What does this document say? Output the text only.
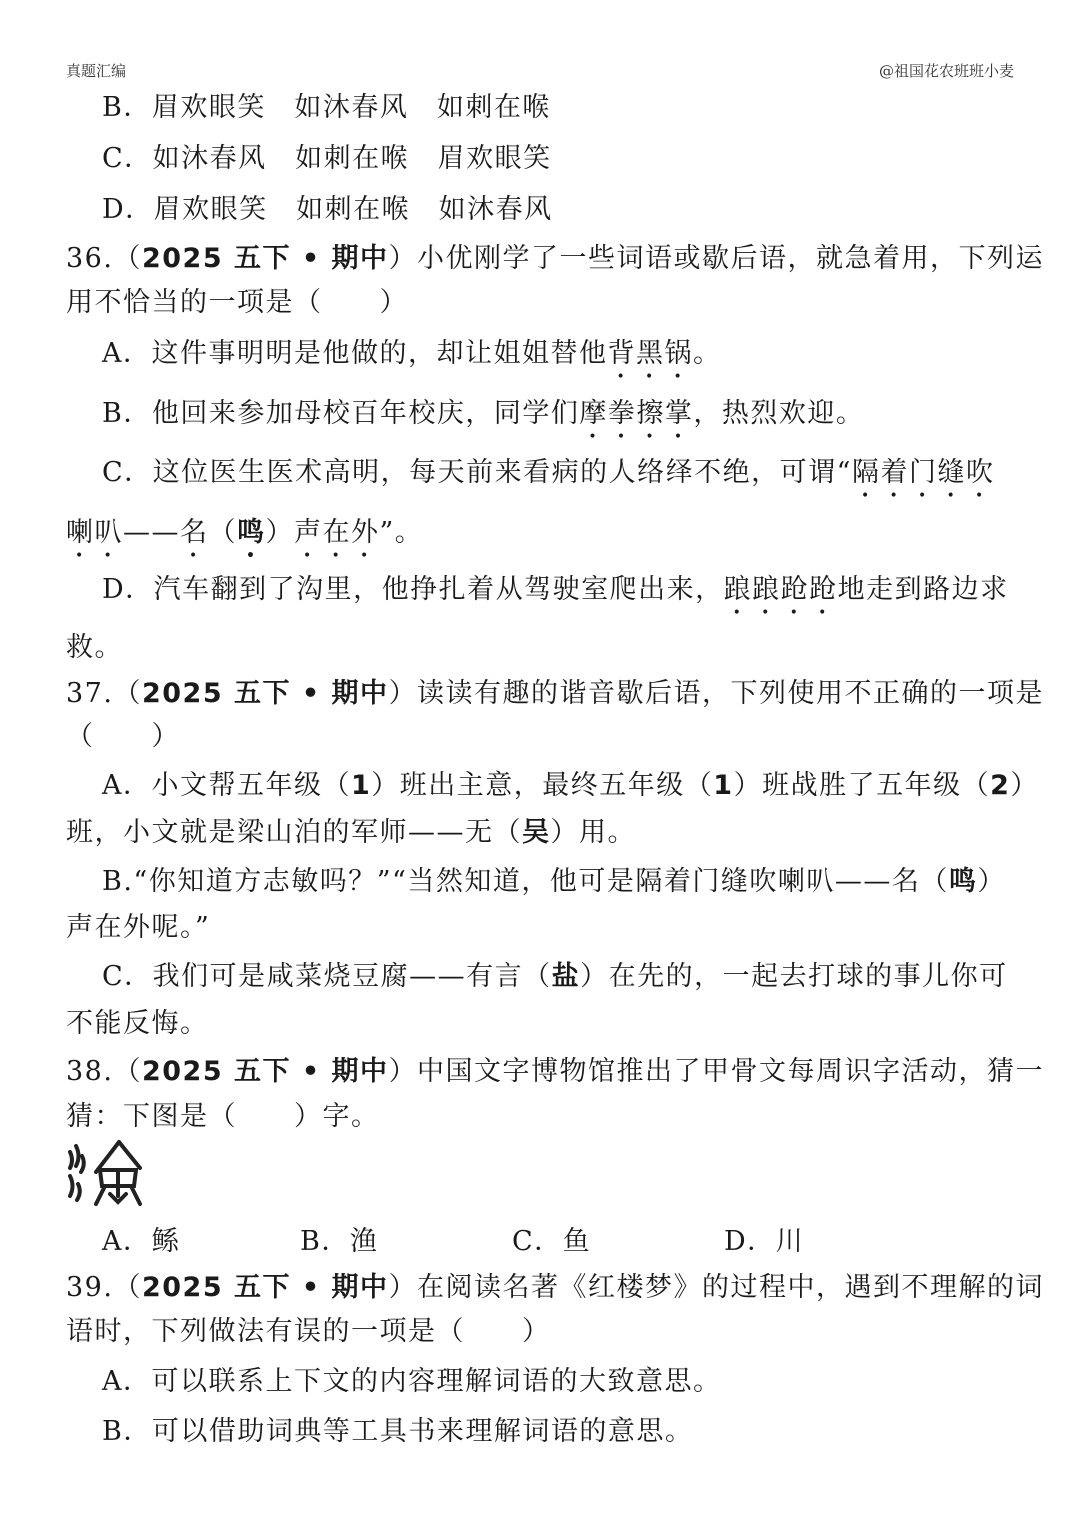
真题汇编	@祖国花农班班小麦
B．眉欢眼笑　如沐春风　如刺在喉
C．如沐春风　如刺在喉　眉欢眼笑
D．眉欢眼笑　如刺在喉　如沐春风
36.（2025 五下 • 期中）小优刚学了一些词语或歇后语，就急着用，下列运
用不恰当的一项是（　　）
A．这件事明明是他做的，却让姐姐替他背黑锅。
B．他回来参加母校百年校庆，同学们摩拳擦掌，热烈欢迎。
C．这位医生医术高明，每天前来看病的人络绎不绝，可谓“隔着门缝吹
喇叭——名（鸣）声在外”。
D．汽车翻到了沟里，他挣扎着从驾驶室爬出来，踉踉跄跄地走到路边求
救。
37.（2025 五下 • 期中）读读有趣的谐音歇后语，下列使用不正确的一项是
（　　）
A．小文帮五年级（1）班出主意，最终五年级（1）班战胜了五年级（2）
班，小文就是梁山泊的军师——无（吴）用。
B.“你知道方志敏吗？”“当然知道，他可是隔着门缝吹喇叭——名（鸣）
声在外呢。”
C．我们可是咸菜烧豆腐——有言（盐）在先的，一起去打球的事儿你可
不能反悔。
38.（2025 五下 • 期中）中国文字博物馆推出了甲骨文每周识字活动，猜一
猜：下图是（　　）字。
A．鲧	B．渔	C．鱼	D．川
39.（2025 五下 • 期中）在阅读名著《红楼梦》的过程中，遇到不理解的词
语时，下列做法有误的一项是（　　）
A．可以联系上下文的内容理解词语的大致意思。
B．可以借助词典等工具书来理解词语的意思。
